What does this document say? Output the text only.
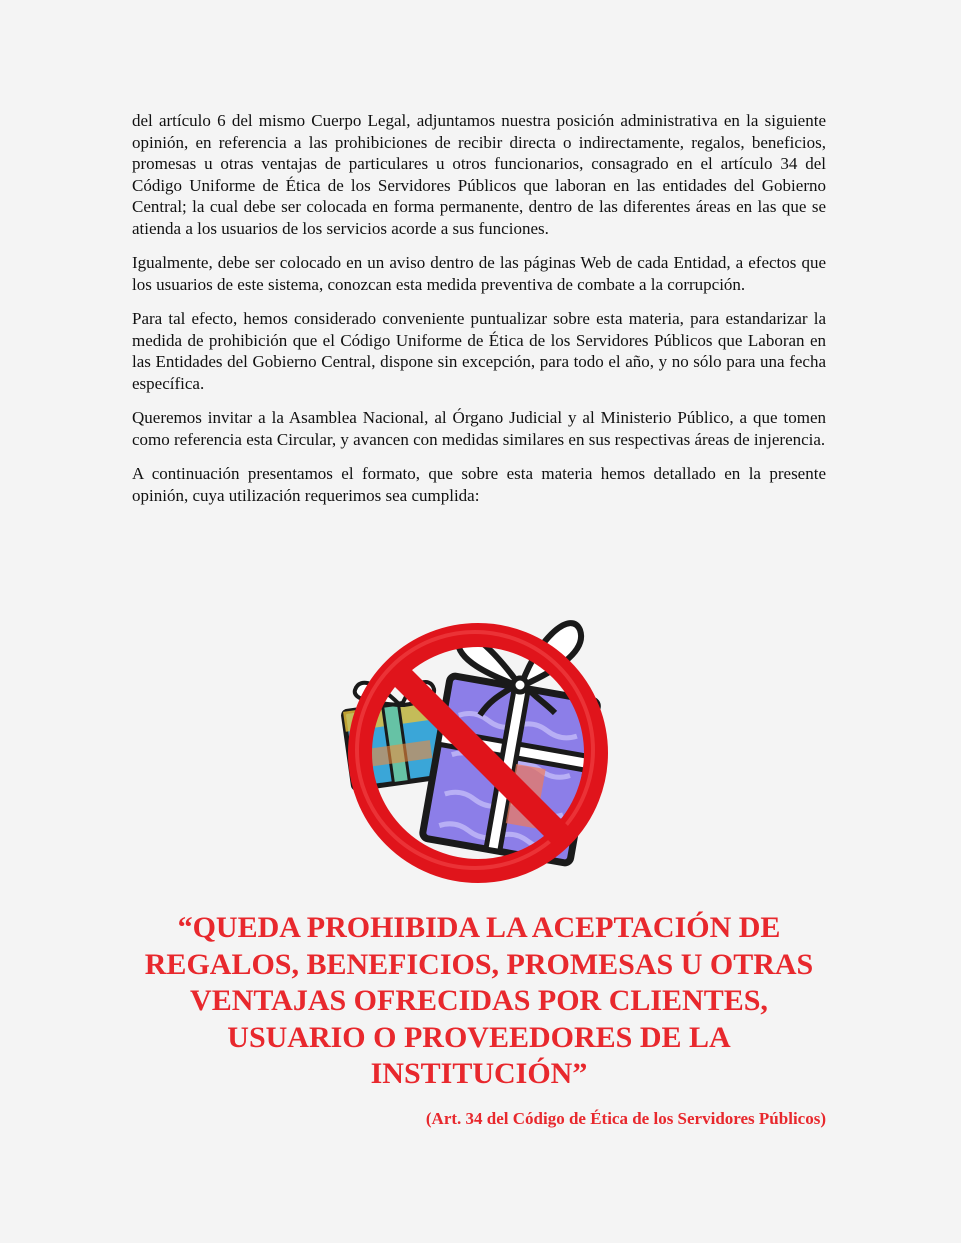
del artículo 6 del mismo Cuerpo Legal, adjuntamos nuestra posición administrativa en la siguiente opinión, en referencia a las prohibiciones de recibir directa o indirectamente, regalos, beneficios, promesas u otras ventajas de particulares u otros funcionarios, consagrado en el artículo 34 del Código Uniforme de Ética de los Servidores Públicos que laboran en las entidades del Gobierno Central; la cual debe ser colocada en forma permanente, dentro de las diferentes áreas en las que se atienda a los usuarios de los servicios acorde a sus funciones.

Igualmente, debe ser colocado en un aviso dentro de las páginas Web de cada Entidad, a efectos que los usuarios de este sistema, conozcan esta medida preventiva de combate a la corrupción.

Para tal efecto, hemos considerado conveniente puntualizar sobre esta materia, para estandarizar la medida de prohibición que el Código Uniforme de Ética de los Servidores Públicos que Laboran en las Entidades del Gobierno Central, dispone sin excepción, para todo el año, y no sólo para una fecha específica.

Queremos invitar a la Asamblea Nacional, al Órgano Judicial y al Ministerio Público, a que tomen como referencia esta Circular, y avancen con medidas similares en sus respectivas áreas de injerencia.

A continuación presentamos el formato, que sobre esta materia hemos detallado en la presente opinión, cuya utilización requerimos sea cumplida:

“QUEDA PROHIBIDA LA ACEPTACIÓN DE REGALOS, BENEFICIOS, PROMESAS U OTRAS VENTAJAS OFRECIDAS POR CLIENTES, USUARIO O PROVEEDORES DE LA INSTITUCIÓN”

(Art. 34 del Código de Ética de los Servidores Públicos)
